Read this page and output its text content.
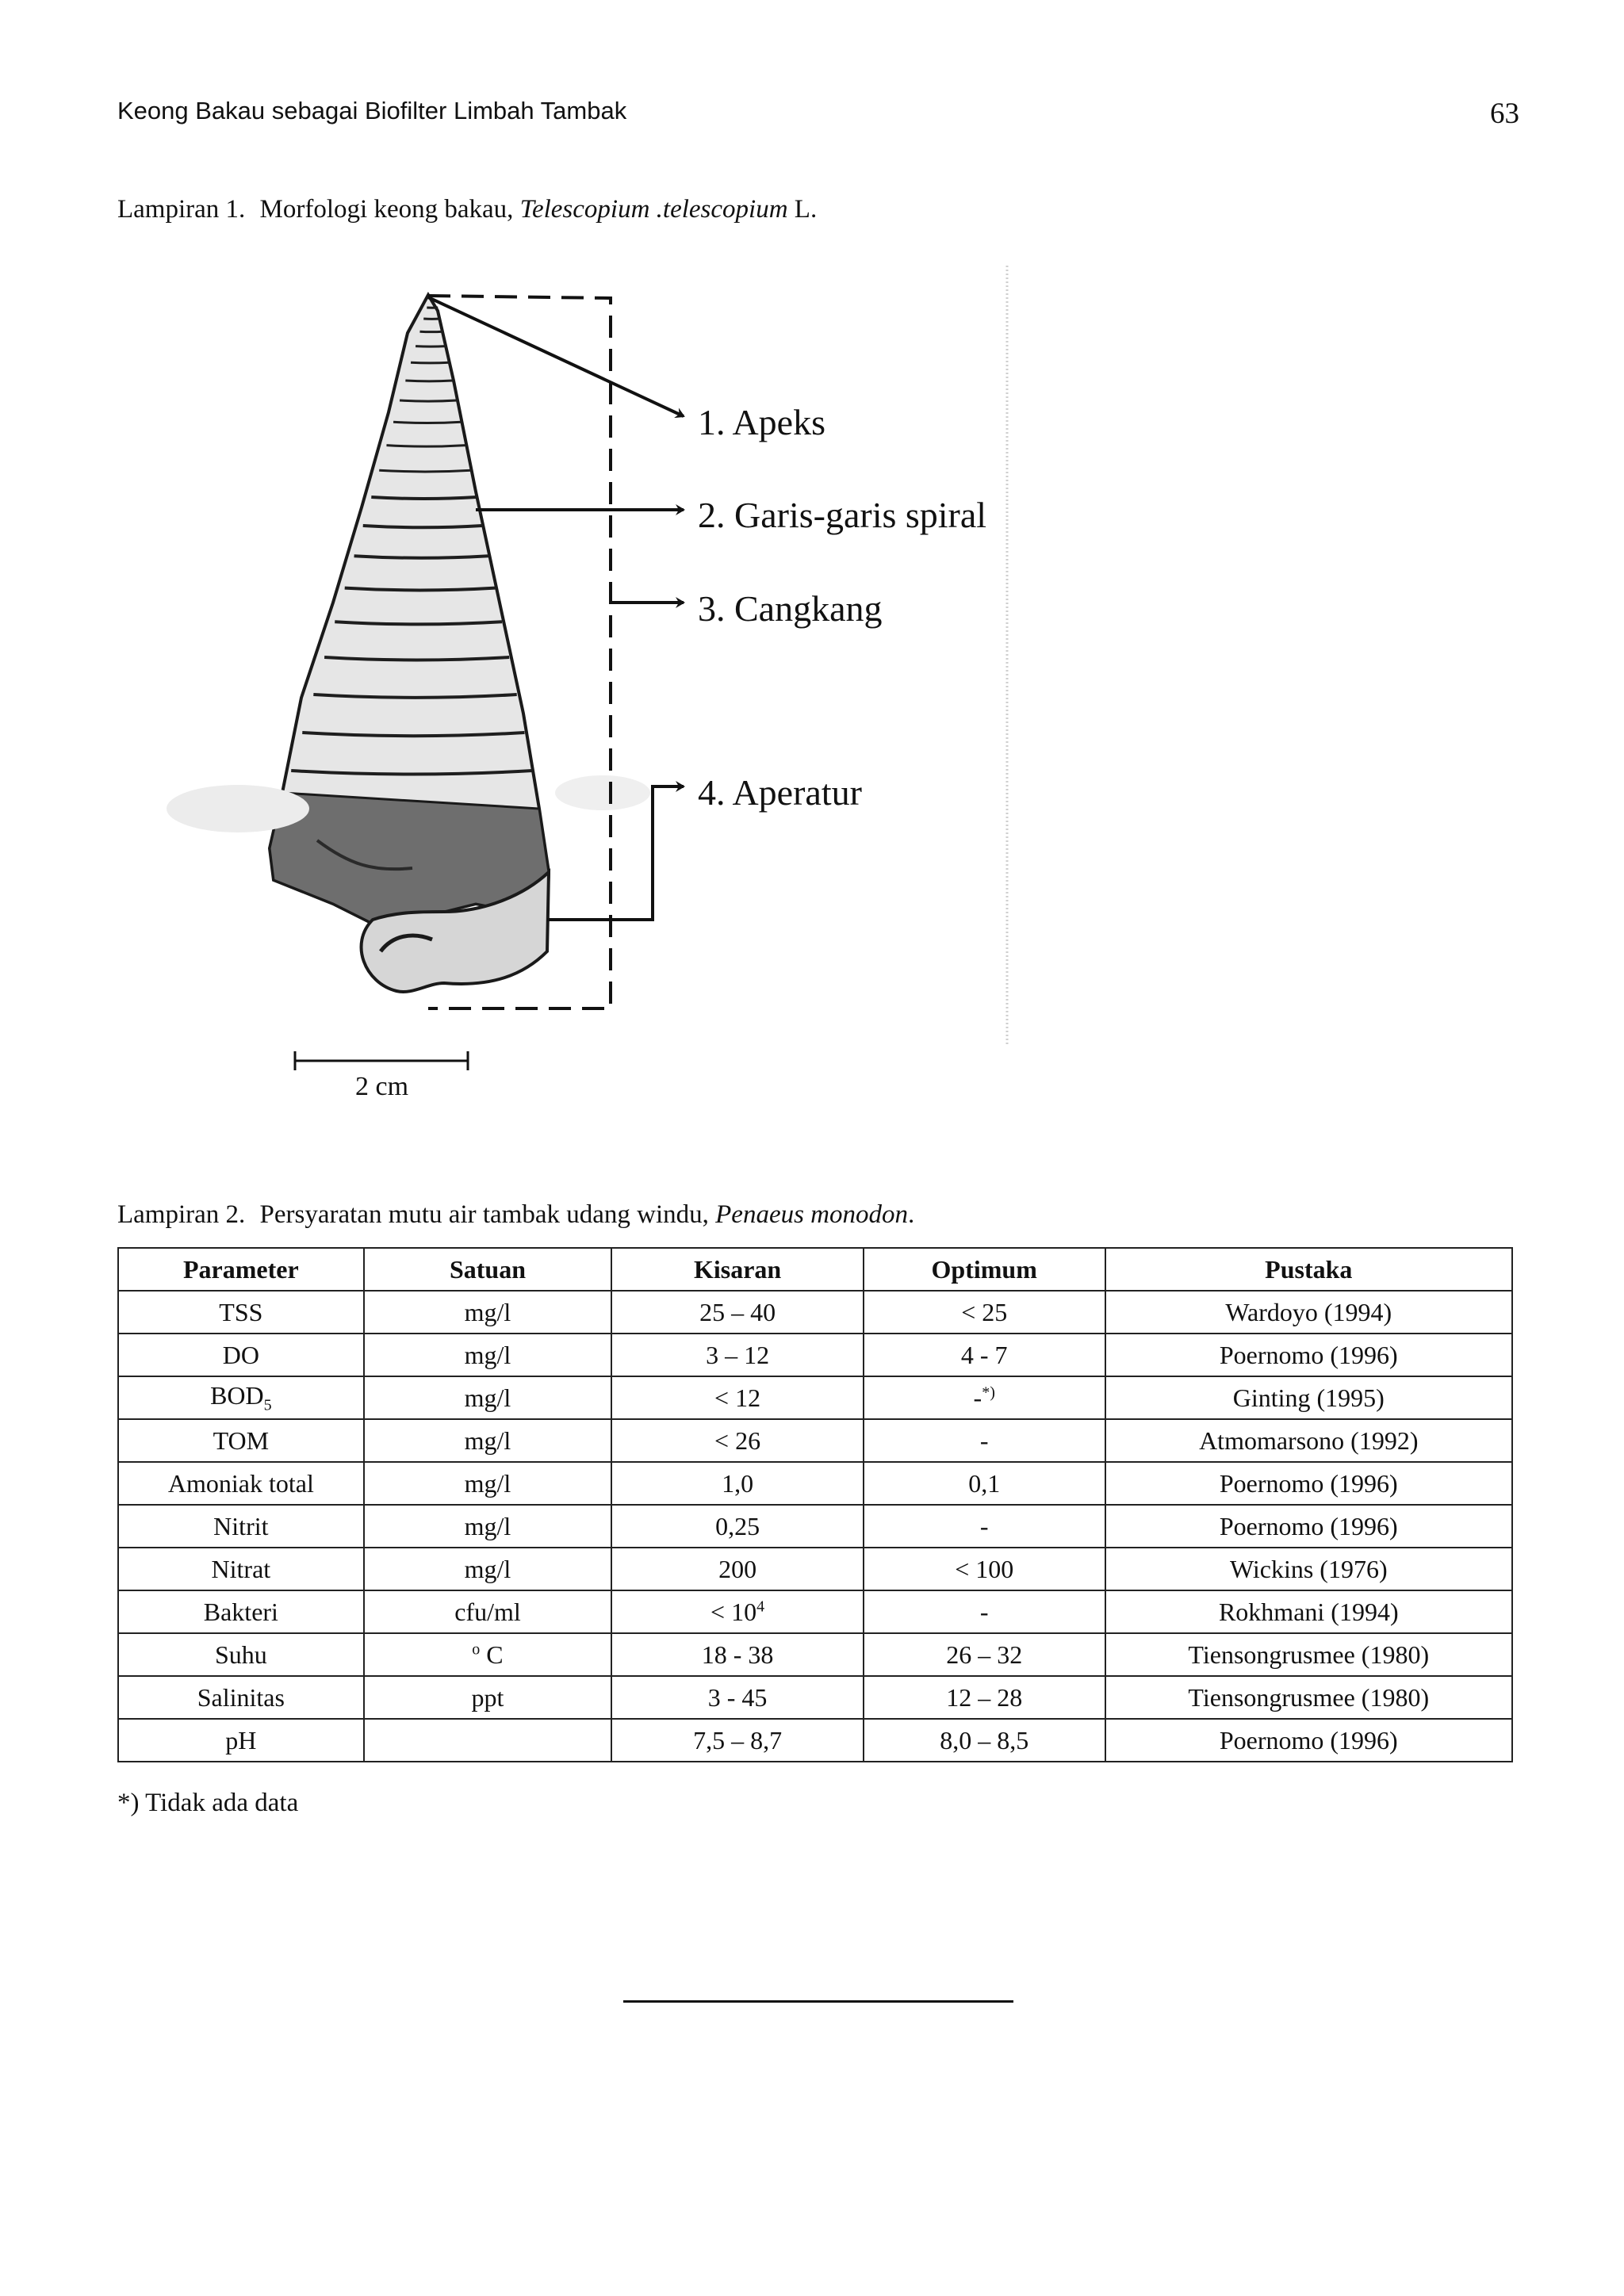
Keong Bakau sebagai Biofilter Limbah Tambak	63
Lampiran 1. Morfologi keong bakau, Telescopium .telescopium L.
1. Apeks
2. Garis-garis spiral
3. Cangkang
4. Aperatur
2 cm
Lampiran 2. Persyaratan mutu air tambak udang windu, Penaeus monodon.
Parameter	Satuan	Kisaran	Optimum	Pustaka
TSS	mg/l	25 – 40	< 25	Wardoyo (1994)
DO	mg/l	3 – 12	4 - 7	Poernomo (1996)
$BOD_5$	mg/l	< 12	-*)	Ginting (1995)
TOM	mg/l	< 26	-	Atmomarsono (1992)
Amoniak total	mg/l	1,0	0,1	Poernomo (1996)
Nitrit	mg/l	0,25	-	Poernomo (1996)
Nitrat	mg/l	200	< 100	Wickins (1976)
Bakteri	cfu/ml	< $10^4$	-	Rokhmani (1994)
Suhu	$^o$ C	18 - 38	26 – 32	Tiensongrusmee (1980)
Salinitas	ppt	3 - 45	12 – 28	Tiensongrusmee (1980)
pH		7,5 – 8,7	8,0 – 8,5	Poernomo (1996)
*) Tidak ada data
